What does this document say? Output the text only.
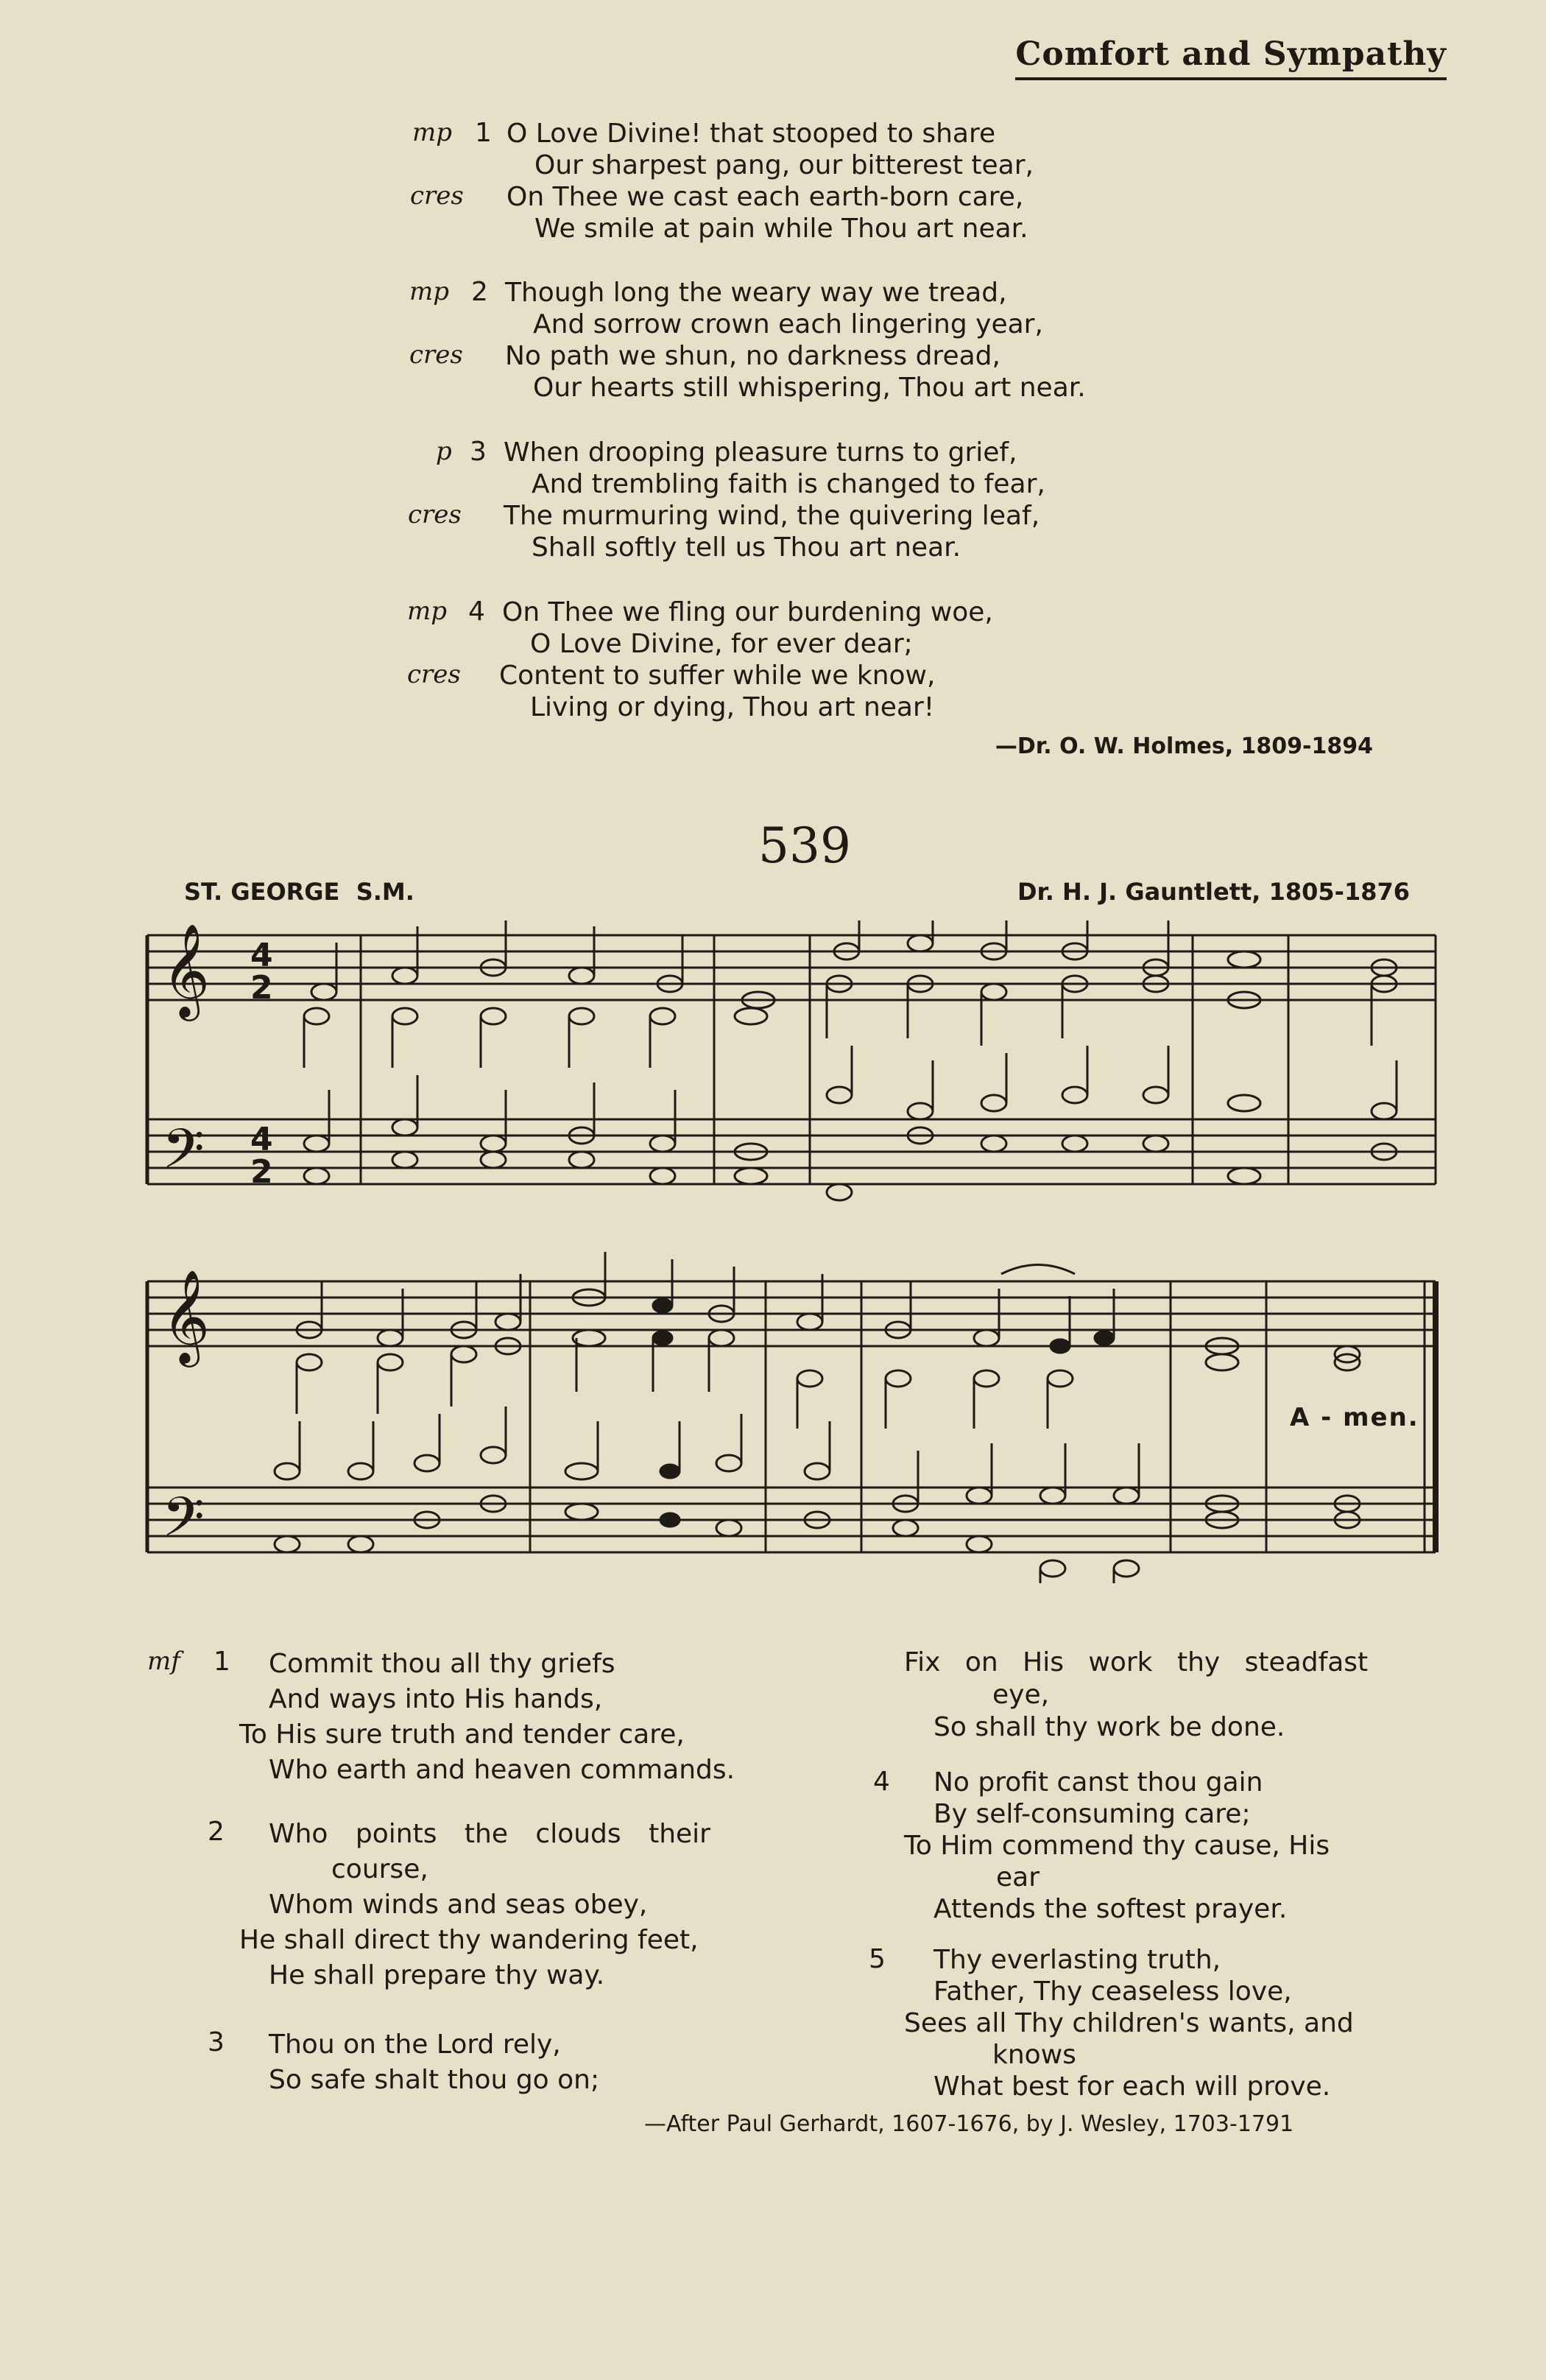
Comfort and Sympathy
mp 1 O Love Divine! that stooped to share
Our sharpest pang, our bitterest tear,
cres On Thee we cast each earth-born care,
We smile at pain while Thou art near.
mp 2 Though long the weary way we tread,
And sorrow crown each lingering year,
cres No path we shun, no darkness dread,
Our hearts still whispering, Thou art near.
p 3 When drooping pleasure turns to grief,
And trembling faith is changed to fear,
cres The murmuring wind, the quivering leaf,
Shall softly tell us Thou art near.
mp 4 On Thee we fling our burdening woe,
O Love Divine, for ever dear;
cres Content to suffer while we know,
Living or dying, Thou art near!
—Dr. O. W. Holmes, 1809-1894
539
ST. GEORGE S.M.	Dr. H. J. Gauntlett, 1805-1876
𝄞
𝄢
4
2
4
2
𝄞
𝄢
A - men.
mf 1	Commit thou all thy griefs
And ways into His hands,
To His sure truth and tender care,
Who earth and heaven commands.
2	Who points the clouds their
course,
Whom winds and seas obey,
He shall direct thy wandering feet,
He shall prepare thy way.
3	Thou on the Lord rely,
So safe shalt thou go on;
Fix on His work thy steadfast
eye,
So shall thy work be done.
4	No profit canst thou gain
By self-consuming care;
To Him commend thy cause, His
ear
Attends the softest prayer.
5	Thy everlasting truth,
Father, Thy ceaseless love,
Sees all Thy children's wants, and
knows
What best for each will prove.
—After Paul Gerhardt, 1607-1676, by J. Wesley, 1703-1791
